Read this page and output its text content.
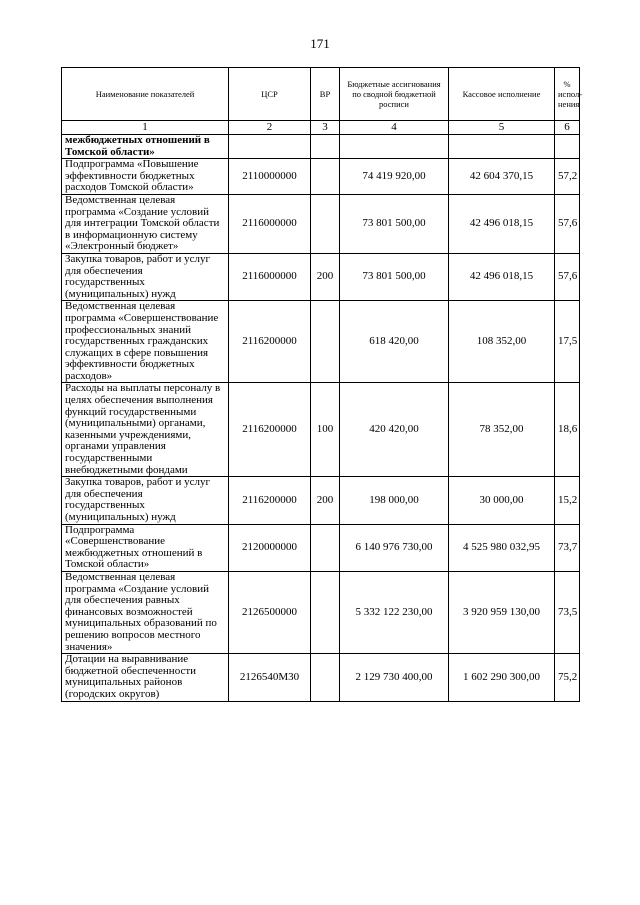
171
Наименование показателей	ЦСР	ВР	Бюджетные ассигнования по сводной бюджетной росписи	Кассовое исполнение	% испол-нения
1	2	3	4	5	6
межбюджетных отношений в Томской области»					
Подпрограмма «Повышение эффективности бюджетных расходов Томской области»	2110000000		74 419 920,00	42 604 370,15	57,2
Ведомственная целевая программа «Создание условий для интеграции Томской области в информационную систему «Электронный бюджет»	2116000000		73 801 500,00	42 496 018,15	57,6
Закупка товаров, работ и услуг для обеспечения государственных (муниципальных) нужд	2116000000	200	73 801 500,00	42 496 018,15	57,6
Ведомственная целевая программа «Совершенствование профессиональных знаний государственных гражданских служащих в сфере повышения эффективности бюджетных расходов»	2116200000		618 420,00	108 352,00	17,5
Расходы на выплаты персоналу в целях обеспечения выполнения функций государственными (муниципальными) органами, казенными учреждениями, органами управления государственными внебюджетными фондами	2116200000	100	420 420,00	78 352,00	18,6
Закупка товаров, работ и услуг для обеспечения государственных (муниципальных) нужд	2116200000	200	198 000,00	30 000,00	15,2
Подпрограмма «Совершенствование межбюджетных отношений в Томской области»	2120000000		6 140 976 730,00	4 525 980 032,95	73,7
Ведомственная целевая программа «Создание условий для обеспечения равных финансовых возможностей муниципальных образований по решению вопросов местного значения»	2126500000		5 332 122 230,00	3 920 959 130,00	73,5
Дотации на выравнивание бюджетной обеспеченности муниципальных районов (городских округов)	2126540М30		2 129 730 400,00	1 602 290 300,00	75,2
